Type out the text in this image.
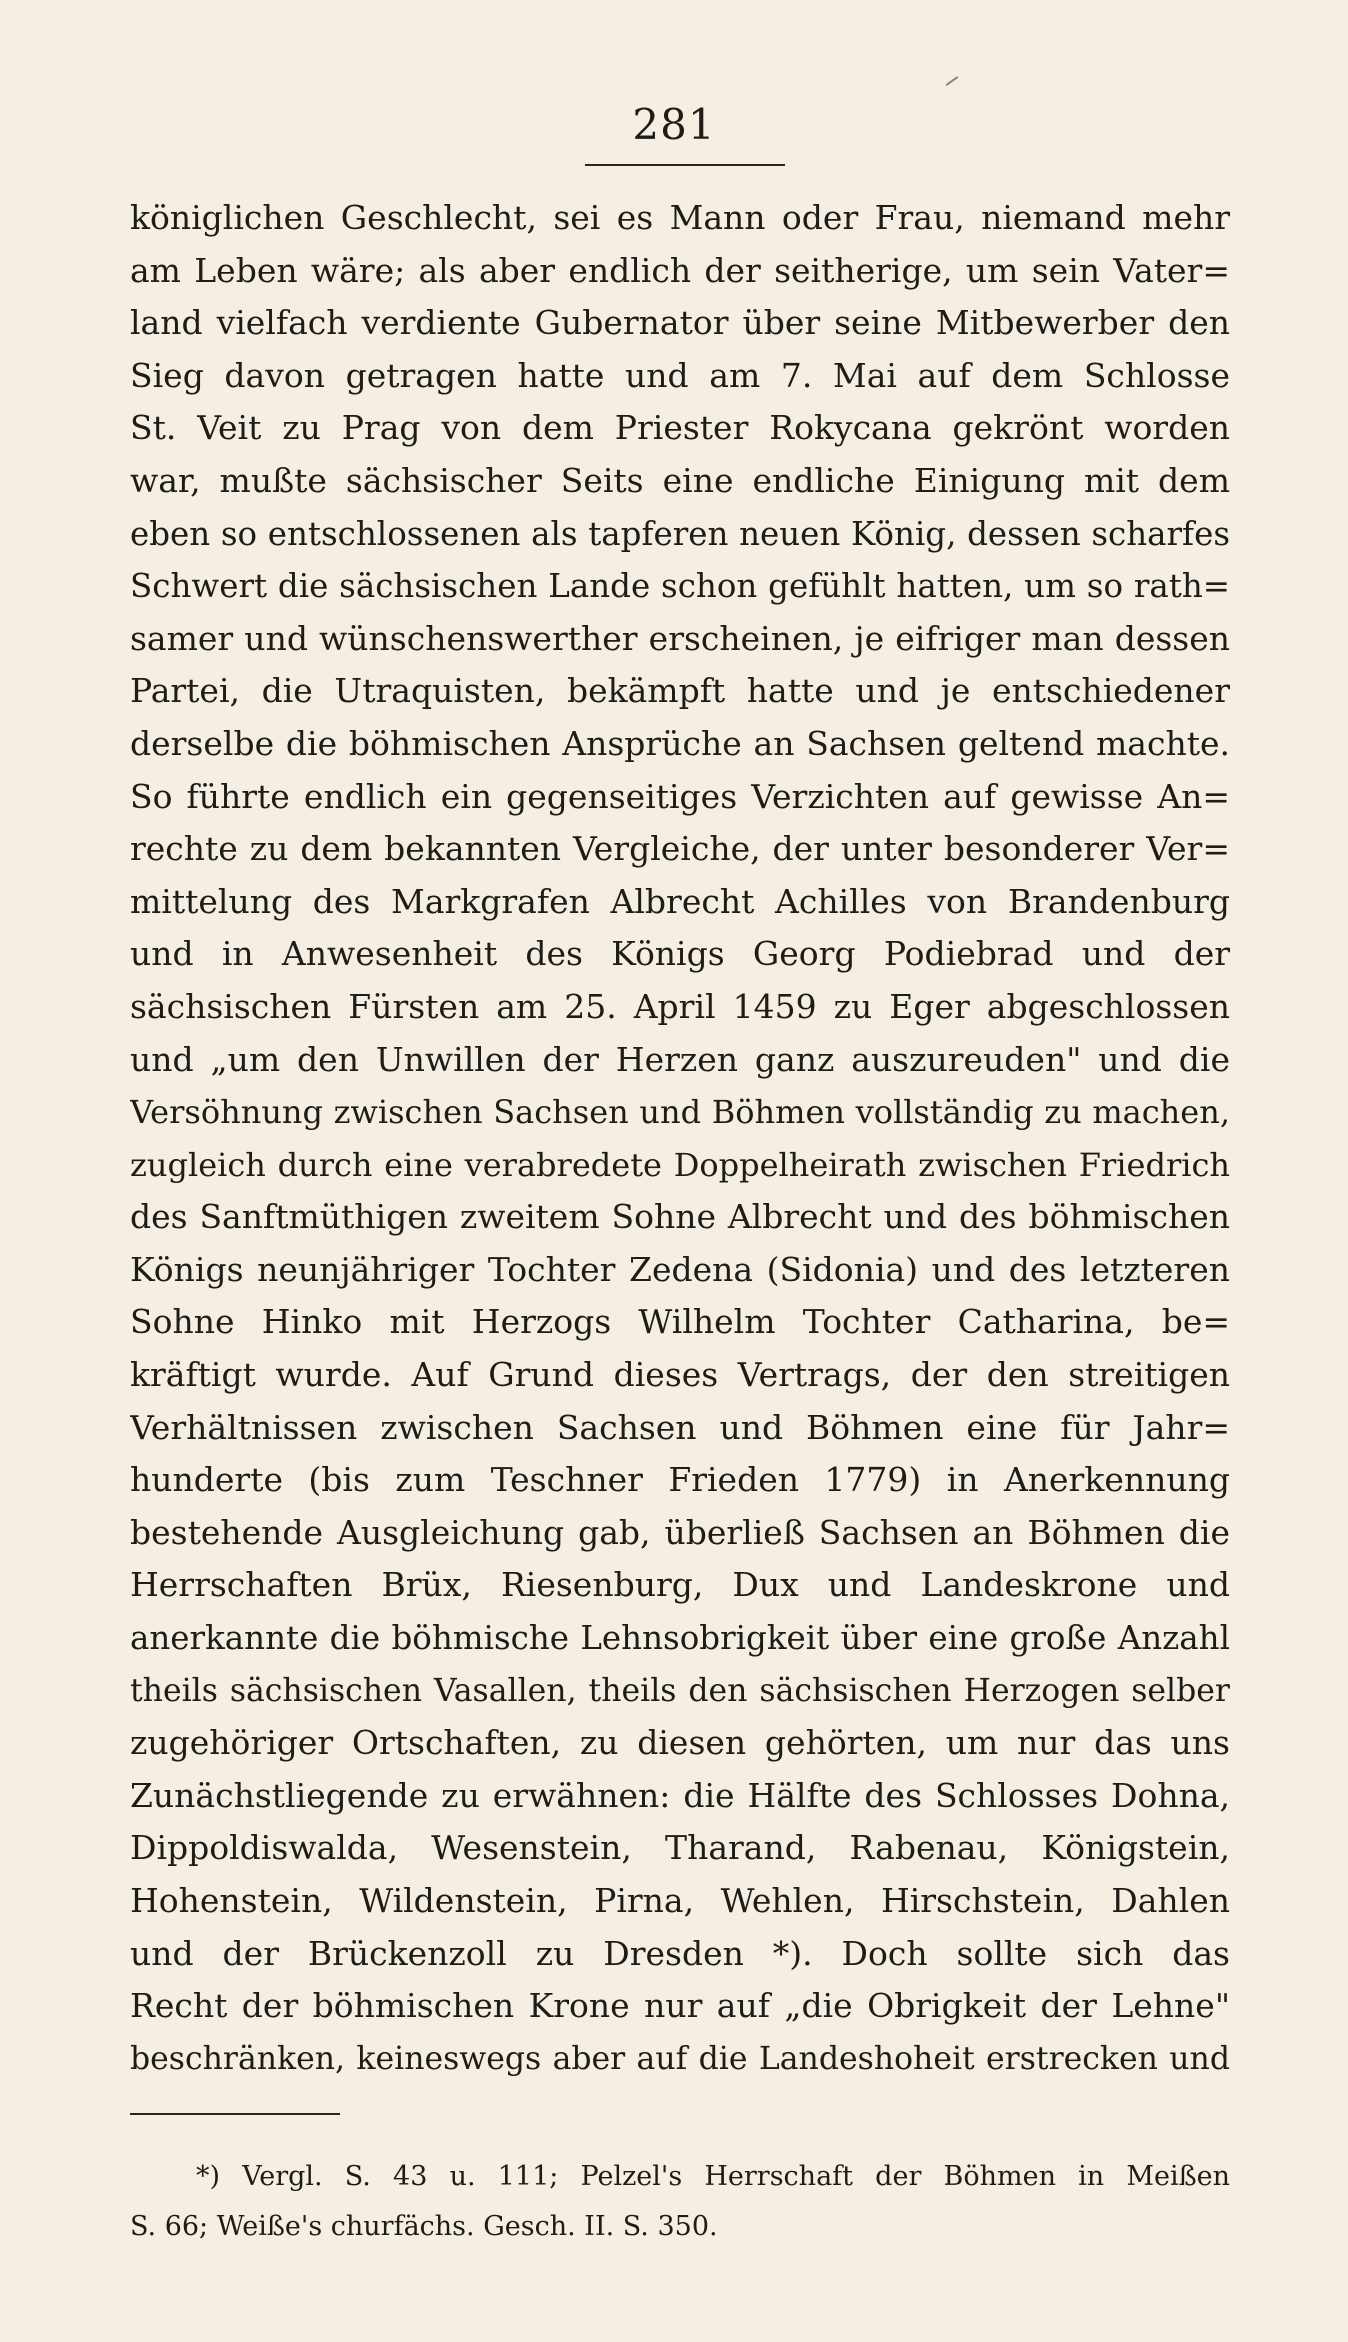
281
königlichen Geschlecht, sei es Mann oder Frau, niemand mehr
am Leben wäre; als aber endlich der seitherige, um sein Vater=
land vielfach verdiente Gubernator über seine Mitbewerber den
Sieg davon getragen hatte und am 7. Mai auf dem Schlosse
St. Veit zu Prag von dem Priester Rokycana gekrönt worden
war, mußte sächsischer Seits eine endliche Einigung mit dem
eben so entschlossenen als tapferen neuen König, dessen scharfes
Schwert die sächsischen Lande schon gefühlt hatten, um so rath=
samer und wünschenswerther erscheinen, je eifriger man dessen
Partei, die Utraquisten, bekämpft hatte und je entschiedener
derselbe die böhmischen Ansprüche an Sachsen geltend machte.
So führte endlich ein gegenseitiges Verzichten auf gewisse An=
rechte zu dem bekannten Vergleiche, der unter besonderer Ver=
mittelung des Markgrafen Albrecht Achilles von Brandenburg
und in Anwesenheit des Königs Georg Podiebrad und der
sächsischen Fürsten am 25. April 1459 zu Eger abgeschlossen
und „um den Unwillen der Herzen ganz auszureuden" und die
Versöhnung zwischen Sachsen und Böhmen vollständig zu machen,
zugleich durch eine verabredete Doppelheirath zwischen Friedrich
des Sanftmüthigen zweitem Sohne Albrecht und des böhmischen
Königs neunjähriger Tochter Zedena (Sidonia) und des letzteren
Sohne Hinko mit Herzogs Wilhelm Tochter Catharina, be=
kräftigt wurde. Auf Grund dieses Vertrags, der den streitigen
Verhältnissen zwischen Sachsen und Böhmen eine für Jahr=
hunderte (bis zum Teschner Frieden 1779) in Anerkennung
bestehende Ausgleichung gab, überließ Sachsen an Böhmen die
Herrschaften Brüx, Riesenburg, Dux und Landeskrone und
anerkannte die böhmische Lehnsobrigkeit über eine große Anzahl
theils sächsischen Vasallen, theils den sächsischen Herzogen selber
zugehöriger Ortschaften, zu diesen gehörten, um nur das uns
Zunächstliegende zu erwähnen: die Hälfte des Schlosses Dohna,
Dippoldiswalda, Wesenstein, Tharand, Rabenau, Königstein,
Hohenstein, Wildenstein, Pirna, Wehlen, Hirschstein, Dahlen
und der Brückenzoll zu Dresden *). Doch sollte sich das
Recht der böhmischen Krone nur auf „die Obrigkeit der Lehne"
beschränken, keineswegs aber auf die Landeshoheit erstrecken und
*) Vergl. S. 43 u. 111; Pelzel's Herrschaft der Böhmen in Meißen
S. 66; Weiße's churfächs. Gesch. II. S. 350.
